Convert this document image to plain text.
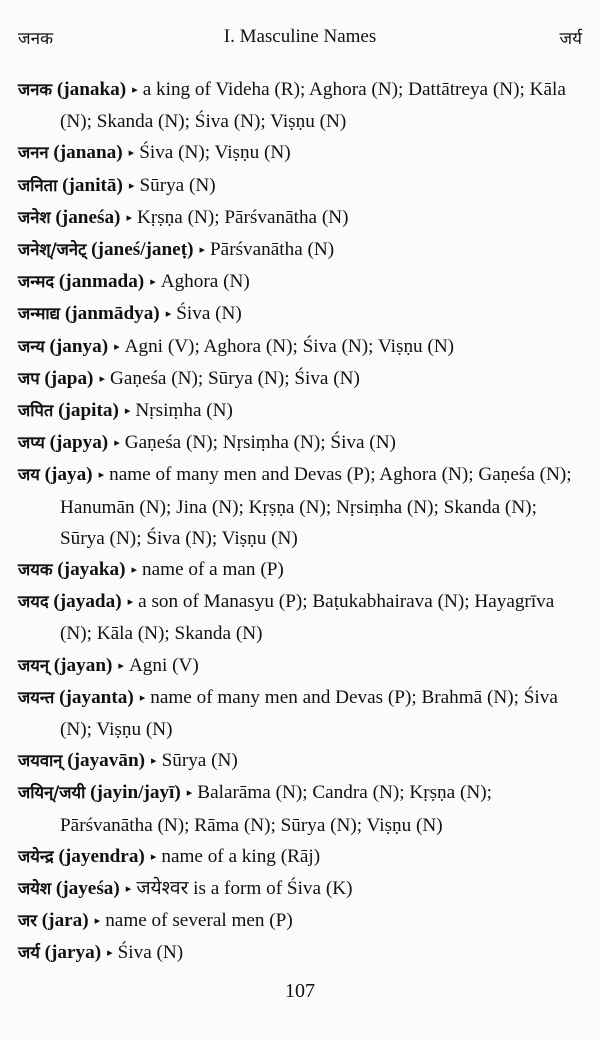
जनक	I. Masculine Names	जर्य

जनक (janaka) ▸ a king of Videha (R); Aghora (N); Dattātreya (N); Kāla (N); Skanda (N); Śiva (N); Viṣṇu (N)

जनन (janana) ▸ Śiva (N); Viṣṇu (N)

जनिता (janitā) ▸ Sūrya (N)

जनेश (janeśa) ▸ Kṛṣṇa (N); Pārśvanātha (N)

जनेश्/जनेट् (janeś/janeṭ) ▸ Pārśvanātha (N)

जन्मद (janmada) ▸ Aghora (N)

जन्माद्य (janmādya) ▸ Śiva (N)

जन्य (janya) ▸ Agni (V); Aghora (N); Śiva (N); Viṣṇu (N)

जप (japa) ▸ Gaṇeśa (N); Sūrya (N); Śiva (N)

जपित (japita) ▸ Nṛsiṃha (N)

जप्य (japya) ▸ Gaṇeśa (N); Nṛsiṃha (N); Śiva (N)

जय (jaya) ▸ name of many men and Devas (P); Aghora (N); Gaṇeśa (N); Hanumān (N); Jina (N); Kṛṣṇa (N); Nṛsiṃha (N); Skanda (N); Sūrya (N); Śiva (N); Viṣṇu (N)

जयक (jayaka) ▸ name of a man (P)

जयद (jayada) ▸ a son of Manasyu (P); Baṭukabhairava (N); Hayagrīva (N); Kāla (N); Skanda (N)

जयन् (jayan) ▸ Agni (V)

जयन्त (jayanta) ▸ name of many men and Devas (P); Brahmā (N); Śiva (N); Viṣṇu (N)

जयवान् (jayavān) ▸ Sūrya (N)

जयिन्/जयी (jayin/jayī) ▸ Balarāma (N); Candra (N); Kṛṣṇa (N); Pārśvanātha (N); Rāma (N); Sūrya (N); Viṣṇu (N)

जयेन्द्र (jayendra) ▸ name of a king (Rāj)

जयेश (jayeśa) ▸ जयेश्वर is a form of Śiva (K)

जर (jara) ▸ name of several men (P)

जर्य (jarya) ▸ Śiva (N)

107
